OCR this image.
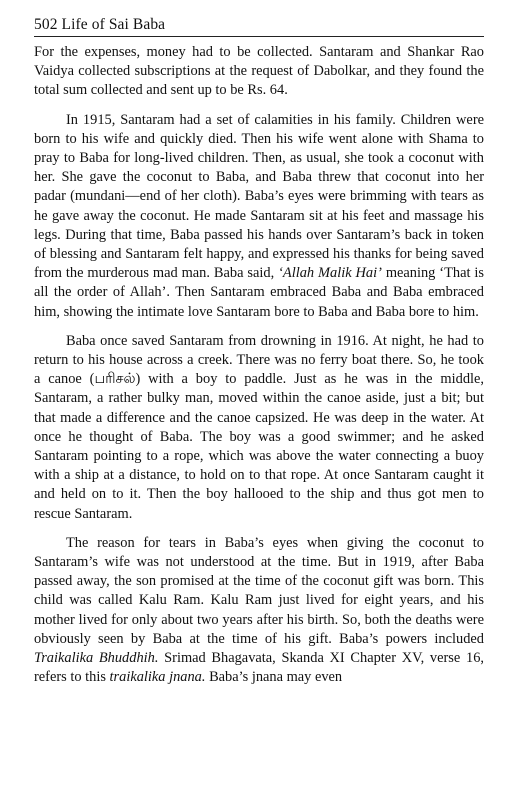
502 Life of Sai Baba

For the expenses, money had to be collected. Santaram and Shankar Rao Vaidya collected subscriptions at the request of Dabolkar, and they found the total sum collected and sent up to be Rs. 64.

In 1915, Santaram had a set of calamities in his family. Children were born to his wife and quickly died. Then his wife went alone with Shama to pray to Baba for long-lived children. Then, as usual, she took a coconut with her. She gave the coconut to Baba, and Baba threw that coconut into her padar (mundani—end of her cloth). Baba’s eyes were brimming with tears as he gave away the coconut. He made Santaram sit at his feet and massage his legs. During that time, Baba passed his hands over Santaram’s back in token of blessing and Santaram felt happy, and expressed his thanks for being saved from the murderous mad man. Baba said, ‘Allah Malik Hai’ meaning ‘That is all the order of Allah’. Then Santaram embraced Baba and Baba embraced him, showing the intimate love Santaram bore to Baba and Baba bore to him.

Baba once saved Santaram from drowning in 1916. At night, he had to return to his house across a creek. There was no ferry boat there. So, he took a canoe (பரிசல்) with a boy to paddle. Just as he was in the middle, Santaram, a rather bulky man, moved within the canoe aside, just a bit; but that made a difference and the canoe capsized. He was deep in the water. At once he thought of Baba. The boy was a good swimmer; and he asked Santaram pointing to a rope, which was above the water connecting a buoy with a ship at a distance, to hold on to that rope. At once Santaram caught it and held on to it. Then the boy hallooed to the ship and thus got men to rescue Santaram.

The reason for tears in Baba’s eyes when giving the coconut to Santaram’s wife was not understood at the time. But in 1919, after Baba passed away, the son promised at the time of the coconut gift was born. This child was called Kalu Ram. Kalu Ram just lived for eight years, and his mother lived for only about two years after his birth. So, both the deaths were obviously seen by Baba at the time of his gift. Baba’s powers included Traikalika Bhuddhih. Srimad Bhagavata, Skanda XI Chapter XV, verse 16, refers to this traikalika jnana. Baba’s jnana may even
